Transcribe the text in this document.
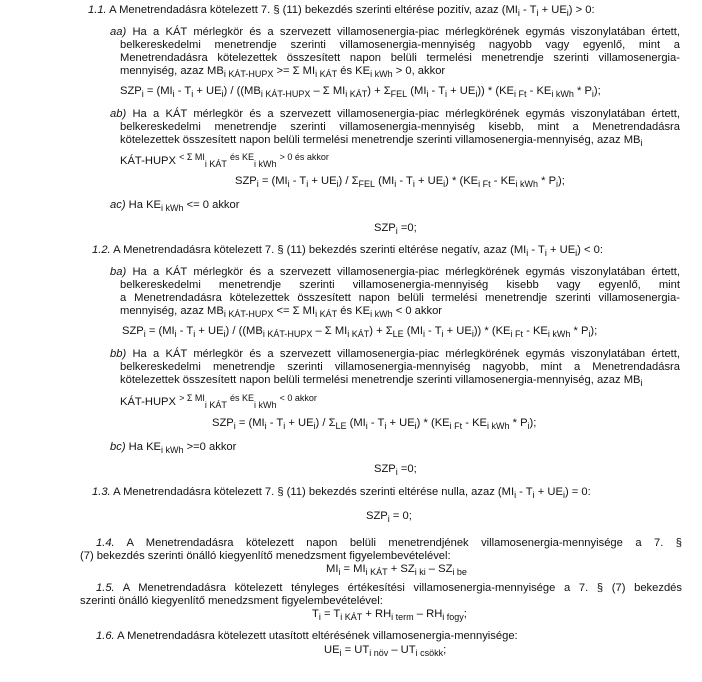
1.1. A Menetrendadásra kötelezett 7. § (11) bekezdés szerinti eltérése pozitív, azaz $(MI_i - T_i + UE_i) > 0$:
aa) Ha a KÁT mérlegkör és a szervezett villamosenergia-piac mérlegkörének egymás viszonylatában értett,
belkereskedelmi menetrendje szerinti villamosenergia-mennyiség nagyobb vagy egyenlő, mint a
Menetrendadásra kötelezettek összesített napon belüli termelési menetrendje szerinti villamosenergia-
mennyiség, azaz $MB_{i KÁT-HUPX} >= \Sigma$ $MI_{i KÁT}$ és $KE_{i kWh} > 0$, akkor
$SZP_i = (MI_i - T_i + UE_i) / ((MB_{i KÁT-HUPX} - \Sigma$ $MI_{i KÁT}) + \Sigma_{FEL}$ $(MI_i - T_i + UE_i)) * (KE_{i Ft} - KE_{i kWh} * P_i)$;
ab) Ha a KÁT mérlegkör és a szervezett villamosenergia-piac mérlegkörének egymás viszonylatában értett,
belkereskedelmi menetrendje szerinti villamosenergia-mennyiség kisebb, mint a Menetrendadásra
kötelezettek összesített napon belüli termelési menetrendje szerinti villamosenergia-mennyiség, azaz $MB_i$
KÁT-HUPX $^{< \Sigma MI}_{i KÁT}$ $^{és KE}_{i kWh}$ $^{> 0 és akkor}$
$SZP_i = (MI_i - T_i + UE_i) / \Sigma_{FEL}$ $(MI_i - T_i + UE_i) * (KE_{i Ft} - KE_{i kWh} * P_i)$;
ac) Ha $KE_{i kWh} <= 0$ akkor
$SZP_i =0$;
1.2. A Menetrendadásra kötelezett 7. § (11) bekezdés szerinti eltérése negatív, azaz $(MI_i - T_i + UE_i) < 0$:
ba) Ha a KÁT mérlegkör és a szervezett villamosenergia-piac mérlegkörének egymás viszonylatában értett,
belkereskedelmi menetrendje szerinti villamosenergia-mennyiség kisebb vagy egyenlő, mint
a Menetrendadásra kötelezettek összesített napon belüli termelési menetrendje szerinti villamosenergia-
mennyiség, azaz $MB_{i KÁT-HUPX} <= \Sigma$ $MI_{i KÁT}$ és $KE_{i kWh} < 0$ akkor
$SZP_i = (MI_i - T_i + UE_i) / ((MB_{i KÁT-HUPX} - \Sigma$ $MI_{i KÁT}) + \Sigma_{LE}$ $(MI_i - T_i + UE_i)) * (KE_{i Ft} - KE_{i kWh} * P_i)$;
bb) Ha a KÁT mérlegkör és a szervezett villamosenergia-piac mérlegkörének egymás viszonylatában értett,
belkereskedelmi menetrendje szerinti villamosenergia-mennyiség nagyobb, mint a Menetrendadásra
kötelezettek összesített napon belüli termelési menetrendje szerinti villamosenergia-mennyiség, azaz $MB_i$
KÁT-HUPX $^{> \Sigma MI}_{i KÁT}$ $^{és KE}_{i kWh}$ $^{< 0 akkor}$
$SZP_i = (MI_i - T_i + UE_i) / \Sigma_{LE}$ $(MI_i - T_i + UE_i) * (KE_{i Ft} - KE_{i kWh} * P_i)$;
bc) Ha $KE_{i kWh} >=0$ akkor
$SZP_i =0$;
1.3. A Menetrendadásra kötelezett 7. § (11) bekezdés szerinti eltérése nulla, azaz $(MI_i - T_i + UE_i) = 0$:
$SZP_i = 0$;
1.4. A Menetrendadásra kötelezett napon belüli menetrendjének villamosenergia-mennyisége a 7. §
(7) bekezdés szerinti önálló kiegyenlítő menedzsment figyelembevételével:
$MI_i = MI_{i KÁT} + SZ_{i ki} - SZ_{i be}$
1.5. A Menetrendadásra kötelezett tényleges értékesítési villamosenergia-mennyisége a 7. § (7) bekezdés
szerinti önálló kiegyenlítő menedzsment figyelembevételével:
$T_i = T_{i KÁT} + RH_{i term} - RH_{i fogy}$;
1.6. A Menetrendadásra kötelezett utasított eltérésének villamosenergia-mennyisége:
$UE_i = UT_{i növ} - UT_{i csökk}$;
